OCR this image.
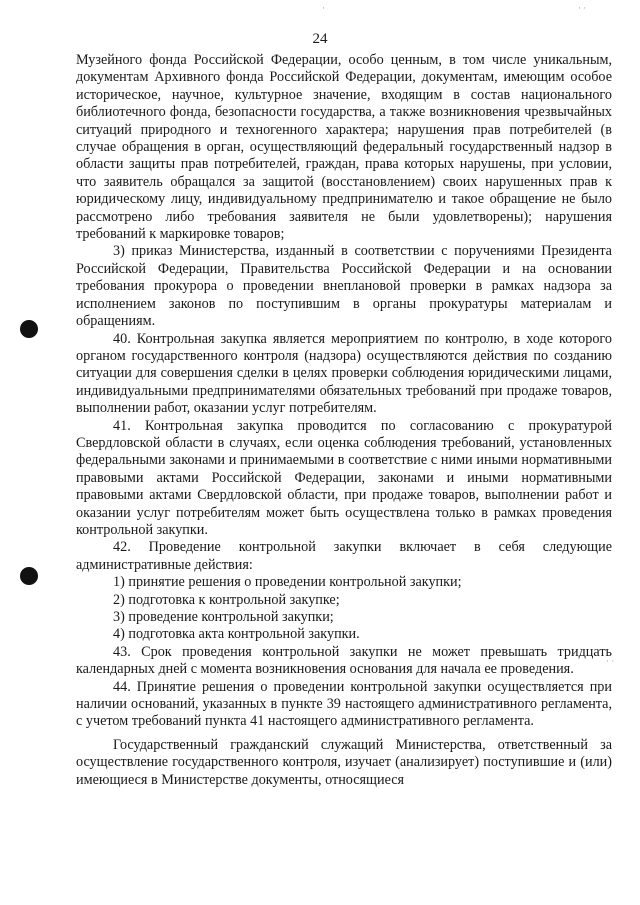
24
·	· ·
· ·

Музейного фонда Российской Федерации, особо ценным, в том числе уникальным, документам Архивного фонда Российской Федерации, документам, имеющим особое историческое, научное, культурное значение, входящим в состав национального библиотечного фонда, безопасности государства, а также возникновения чрезвычайных ситуаций природного и техногенного характера; нарушения прав потребителей (в случае обращения в орган, осуществляющий федеральный государственный надзор в области защиты прав потребителей, граждан, права которых нарушены, при условии, что заявитель обращался за защитой (восстановлением) своих нарушенных прав к юридическому лицу, индивидуальному предпринимателю и такое обращение не было рассмотрено либо требования заявителя не были удовлетворены); нарушения требований к маркировке товаров;

3) приказ Министерства, изданный в соответствии с поручениями Президента Российской Федерации, Правительства Российской Федерации и на основании требования прокурора о проведении внеплановой проверки в рамках надзора за исполнением законов по поступившим в органы прокуратуры материалам и обращениям.

40. Контрольная закупка является мероприятием по контролю, в ходе которого органом государственного контроля (надзора) осуществляются действия по созданию ситуации для совершения сделки в целях проверки соблюдения юридическими лицами, индивидуальными предпринимателями обязательных требований при продаже товаров, выполнении работ, оказании услуг потребителям.

41. Контрольная закупка проводится по согласованию с прокуратурой Свердловской области в случаях, если оценка соблюдения требований, установленных федеральными законами и принимаемыми в соответствие с ними иными нормативными правовыми актами Российской Федерации, законами и иными нормативными правовыми актами Свердловской области, при продаже товаров, выполнении работ и оказании услуг потребителям может быть осуществлена только в рамках проведения контрольной закупки.

42. Проведение контрольной закупки включает в себя следующие административные действия:

1) принятие решения о проведении контрольной закупки;

2) подготовка к контрольной закупке;

3) проведение контрольной закупки;

4) подготовка акта контрольной закупки.

43. Срок проведения контрольной закупки не может превышать тридцать календарных дней с момента возникновения основания для начала ее проведения.

44. Принятие решения о проведении контрольной закупки осуществляется при наличии оснований, указанных в пункте 39 настоящего административного регламента, с учетом требований пункта 41 настоящего административного регламента.

Государственный гражданский служащий Министерства, ответственный за осуществление государственного контроля, изучает (анализирует) поступившие и (или) имеющиеся в Министерстве документы, относящиеся
